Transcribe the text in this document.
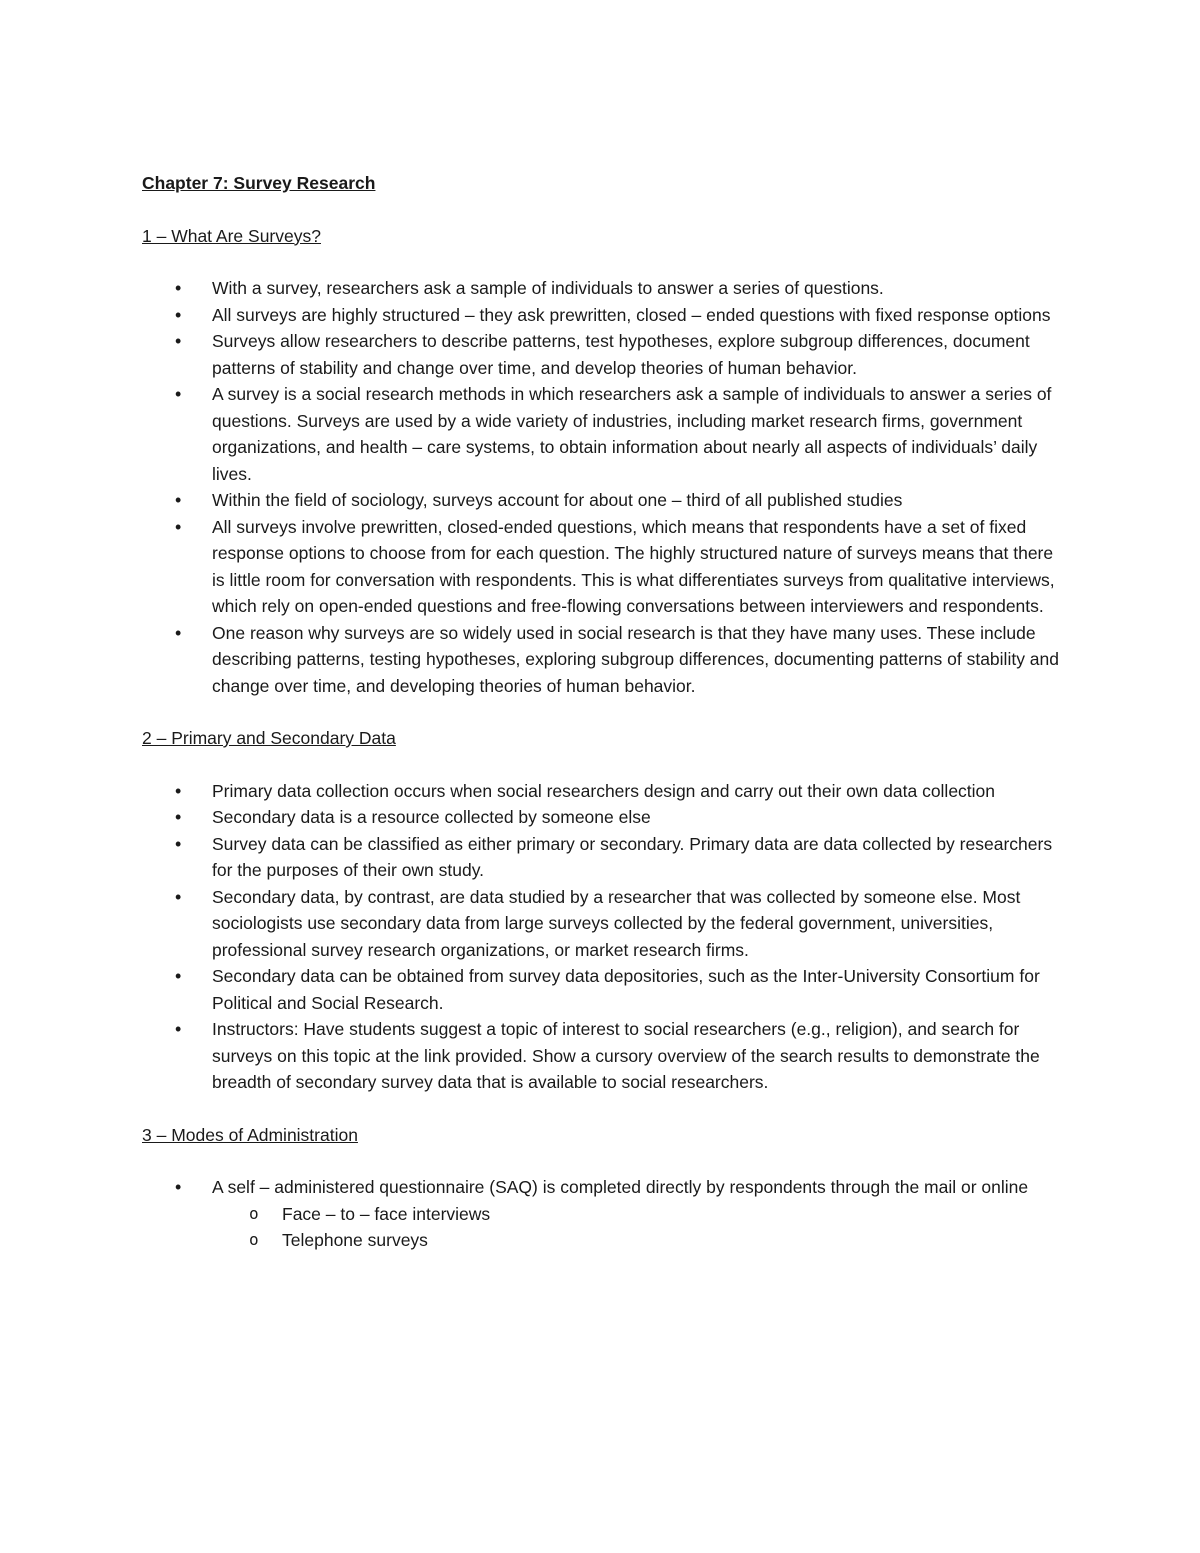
Chapter 7: Survey Research
1 – What Are Surveys?
• With a survey, researchers ask a sample of individuals to answer a series of questions.
• All surveys are highly structured – they ask prewritten, closed – ended questions with fixed response options
• Surveys allow researchers to describe patterns, test hypotheses, explore subgroup differences, document patterns of stability and change over time, and develop theories of human behavior.
• A survey is a social research methods in which researchers ask a sample of individuals to answer a series of questions. Surveys are used by a wide variety of industries, including market research firms, government organizations, and health – care systems, to obtain information about nearly all aspects of individuals’ daily lives.
• Within the field of sociology, surveys account for about one – third of all published studies
• All surveys involve prewritten, closed-ended questions, which means that respondents have a set of fixed response options to choose from for each question. The highly structured nature of surveys means that there is little room for conversation with respondents. This is what differentiates surveys from qualitative interviews, which rely on open-ended questions and free-flowing conversations between interviewers and respondents.
• One reason why surveys are so widely used in social research is that they have many uses. These include describing patterns, testing hypotheses, exploring subgroup differences, documenting patterns of stability and change over time, and developing theories of human behavior.
2 – Primary and Secondary Data
• Primary data collection occurs when social researchers design and carry out their own data collection
• Secondary data is a resource collected by someone else
• Survey data can be classified as either primary or secondary. Primary data are data collected by researchers for the purposes of their own study.
• Secondary data, by contrast, are data studied by a researcher that was collected by someone else. Most sociologists use secondary data from large surveys collected by the federal government, universities, professional survey research organizations, or market research firms.
• Secondary data can be obtained from survey data depositories, such as the Inter-University Consortium for Political and Social Research.
• Instructors: Have students suggest a topic of interest to social researchers (e.g., religion), and search for surveys on this topic at the link provided. Show a cursory overview of the search results to demonstrate the breadth of secondary survey data that is available to social researchers.
3 – Modes of Administration
• A self – administered questionnaire (SAQ) is completed directly by respondents through the mail or online
o Face – to – face interviews
o Telephone surveys
